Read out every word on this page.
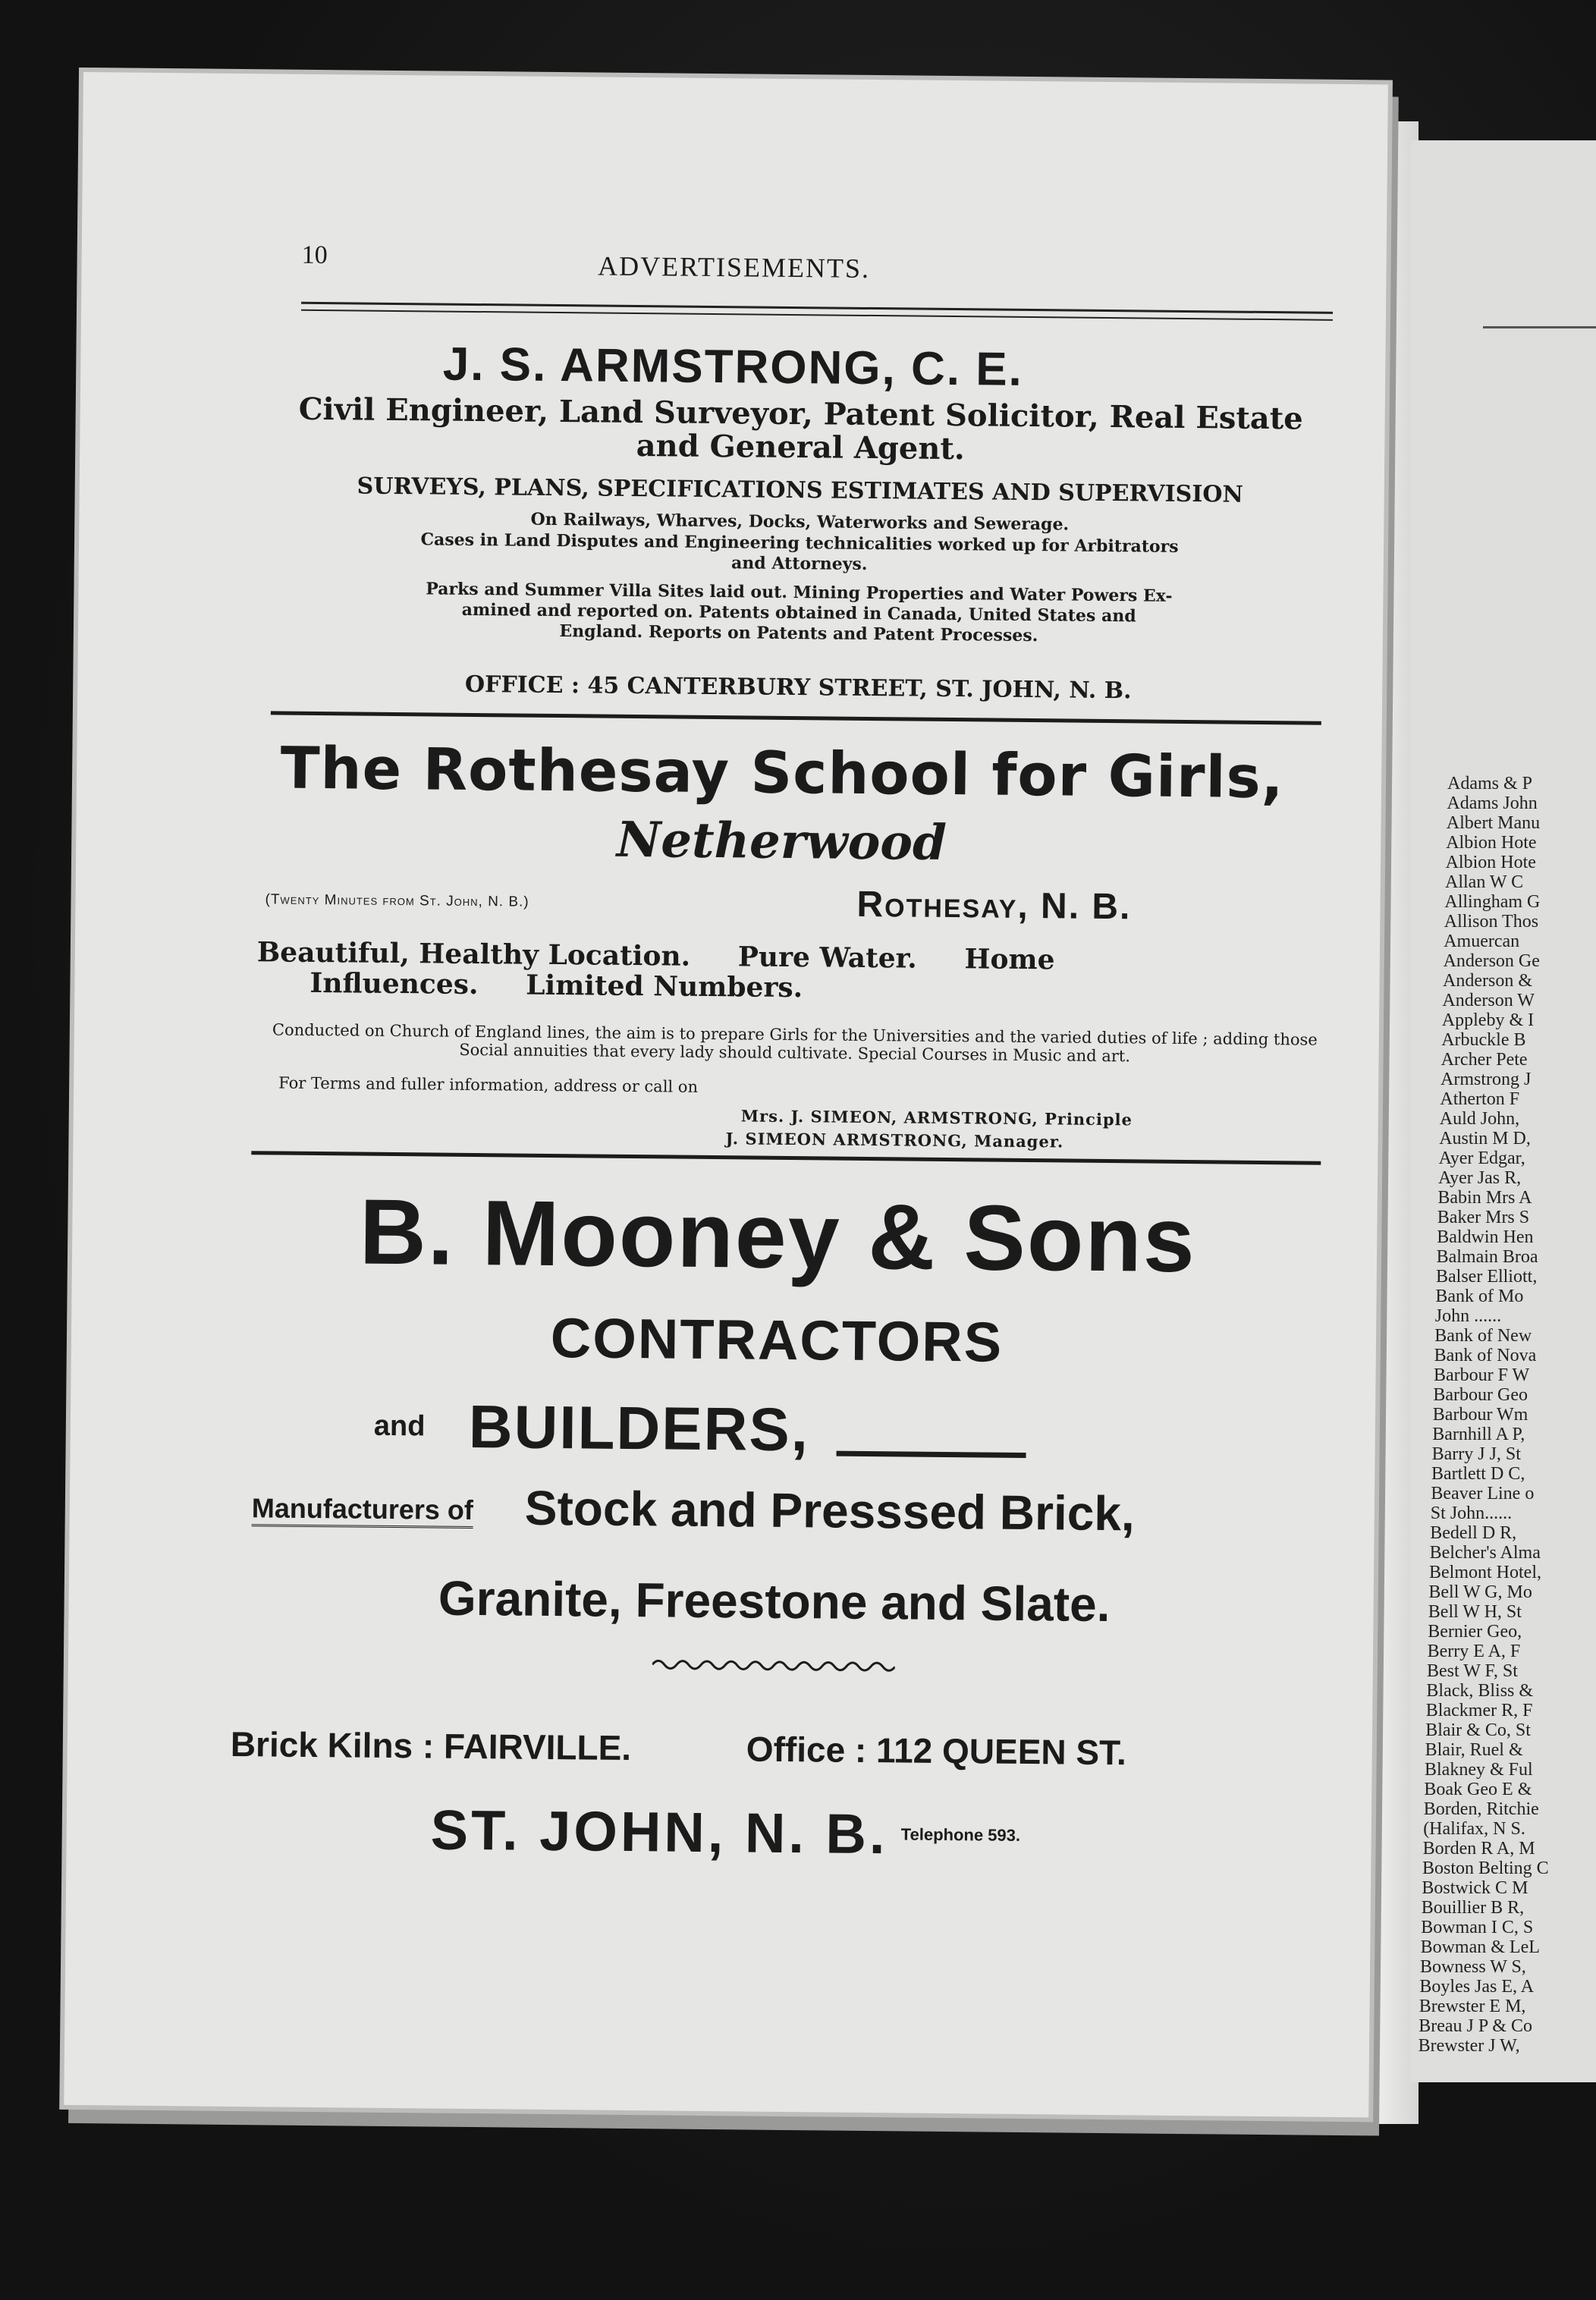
Adams & P
Adams John
Albert Manu
Albion Hote
Albion Hote
Allan W C
Allingham G
Allison Thos
Amuercan
Anderson Ge
Anderson &
Anderson W
Appleby & I
Arbuckle B
Archer Pete
Armstrong J
Atherton F
Auld John,
Austin M D,
Ayer Edgar,
Ayer Jas R,
Babin Mrs A
Baker Mrs S
Baldwin Hen
Balmain Broa
Balser Elliott,
Bank of Mo
John ......
Bank of New
Bank of Nova
Barbour F W
Barbour Geo
Barbour Wm
Barnhill A P,
Barry J J, St
Bartlett D C,
Beaver Line o
St John......
Bedell D R,
Belcher's Alma
Belmont Hotel,
Bell W G, Mo
Bell W H, St
Bernier Geo,
Berry E A, F
Best W F, St
Black, Bliss &
Blackmer R, F
Blair & Co, St
Blair, Ruel &
Blakney & Ful
Boak Geo E &
Borden, Ritchie
(Halifax, N S.
Borden R A, M
Boston Belting C
Bostwick C M
Bouillier B R,
Bowman I C, S
Bowman & LeL
Bowness W S,
Boyles Jas E, A
Brewster E M,
Breau J P & Co
Brewster J W,
10	ADVERTISEMENTS.
J. S. ARMSTRONG, C. E.
Civil Engineer, Land Surveyor, Patent Solicitor, Real Estate and General Agent.
SURVEYS, PLANS, SPECIFICATIONS ESTIMATES AND SUPERVISION
On Railways, Wharves, Docks, Waterworks and Sewerage.
Cases in Land Disputes and Engineering technicalities worked up for Arbitrators
and Attorneys.
Parks and Summer Villa Sites laid out. Mining Properties and Water Powers Ex-
amined and reported on. Patents obtained in Canada, United States and
England. Reports on Patents and Patent Processes.
OFFICE : 45 CANTERBURY STREET, ST. JOHN, N. B.
The Rothesay School for Girls,
Netherwood
(Twenty Minutes from St. John, N. B.)	Rothesay, N. B.
Beautiful, Healthy Location.     Pure Water.     Home
Influences.     Limited Numbers.
Conducted on Church of England lines, the aim is to prepare Girls for the Universities and the varied duties of life ; adding those Social annuities that every lady should cultivate. Special Courses in Music and art.
For Terms and fuller information, address or call on
Mrs. J. SIMEON, ARMSTRONG, Principle
J. SIMEON ARMSTRONG, Manager.
B. Mooney & Sons
CONTRACTORS
and BUILDERS,
Manufacturers of Stock and Presssed Brick,
Granite, Freestone and Slate.
Brick Kilns : FAIRVILLE.	Office : 112 QUEEN ST.
ST. JOHN, N. B. Telephone 593.
